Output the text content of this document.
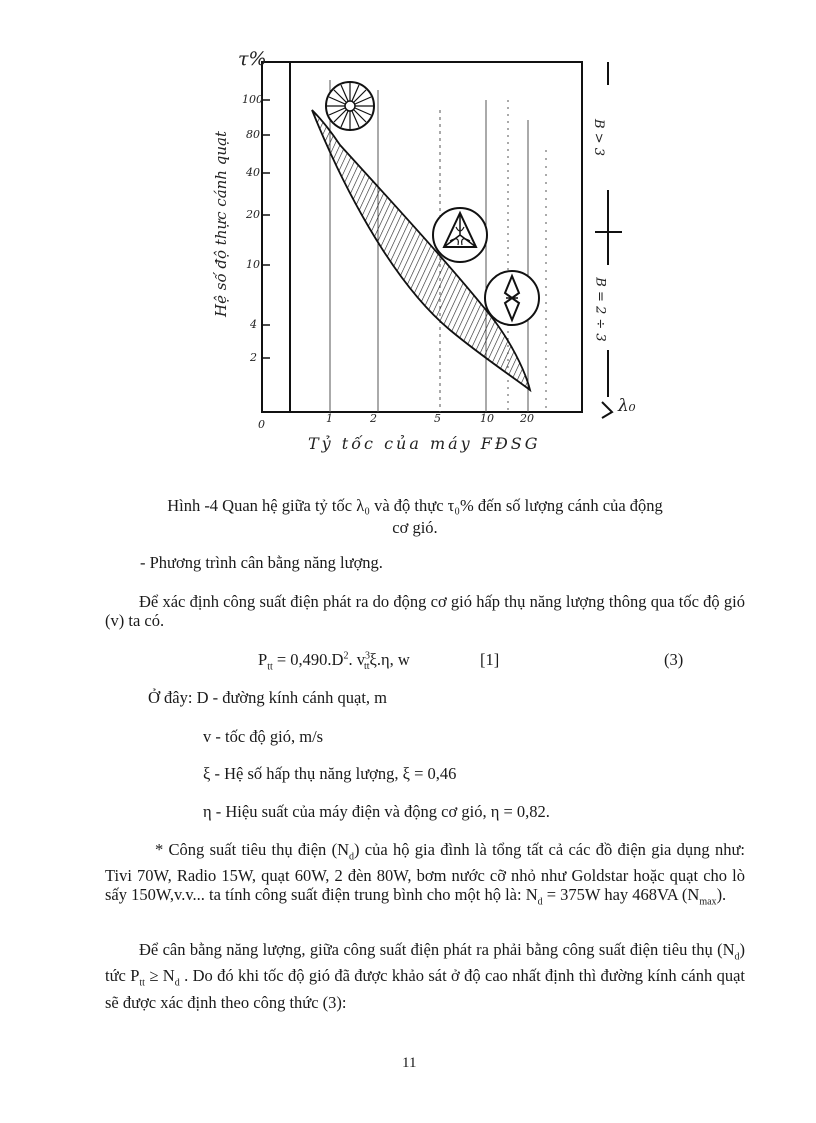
τ%
100
80
40
20
10
4
2
Hệ số độ thực cánh quạt
0	1	2	5	10 20
Tỷ tốc của máy FĐSG
λ₀
B > 3
B = 2 ÷ 3
Hình -4 Quan hệ giữa tỷ tốc λ₀ và độ thực τ₀% đến số lượng cánh của động
cơ gió.
- Phương trình cân bằng năng lượng.
Để xác định công suất điện phát ra do động cơ gió hấp thụ năng lượng thông qua tốc độ gió (v) ta có.
$P_{tt} = 0,490.D^2$. $v^3_{tt}\xi.\eta$, w	[1]	(3)
Ở đây: D - đường kính cánh quạt, m
v - tốc độ gió, m/s
ξ - Hệ số hấp thụ năng lượng, ξ = 0,46
η - Hiệu suất của máy điện và động cơ gió, η = 0,82.
* Công suất tiêu thụ điện $(N_d)$ của hộ gia đình là tổng tất cả các đồ điện gia dụng như: Tivi 70W, Radio 15W, quạt 60W, 2 đèn 80W, bơm nước cỡ nhỏ như Goldstar hoặc quạt cho lò sấy 150W,v.v... ta tính công suất điện trung bình cho một hộ là: $N_d = 375W$ hay 468VA $(N_{max})$.
Để cân bằng năng lượng, giữa công suất điện phát ra phải bằng công suất điện tiêu thụ $(N_d)$ tức $P_{tt} \ge N_d$ . Do đó khi tốc độ gió đã được khảo sát ở độ cao nhất định thì đường kính cánh quạt sẽ được xác định theo công thức (3):
11
